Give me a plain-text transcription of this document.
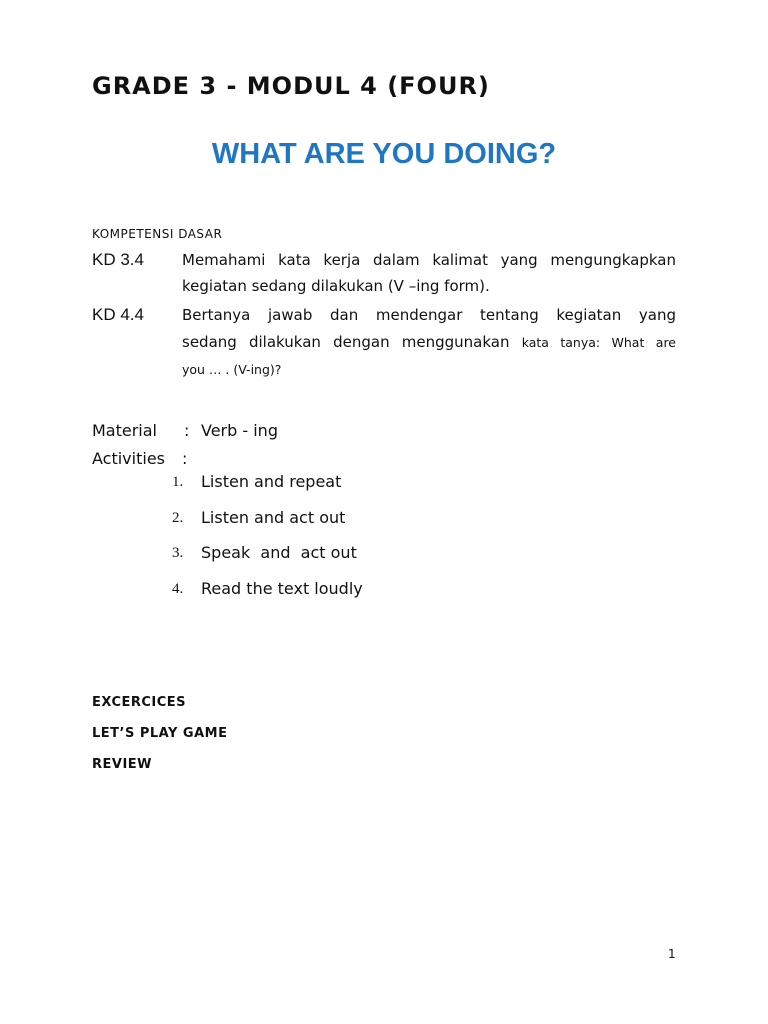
GRADE 3 - MODUL 4 (FOUR)
WHAT ARE YOU DOING?
KOMPETENSI DASAR
KD 3.4	Memahami kata kerja dalam kalimat yang mengungkapkan
kegiatan sedang dilakukan (V –ing form).
KD 4.4	Bertanya jawab dan mendengar tentang kegiatan yang
sedang dilakukan dengan menggunakan kata tanya: What are
you … . (V-ing)?
Material : Verb - ing
Activities :
1. Listen and repeat
2. Listen and act out
3. Speak  and  act out
4. Read the text loudly
EXCERCICES
LET’S PLAY GAME
REVIEW
1
